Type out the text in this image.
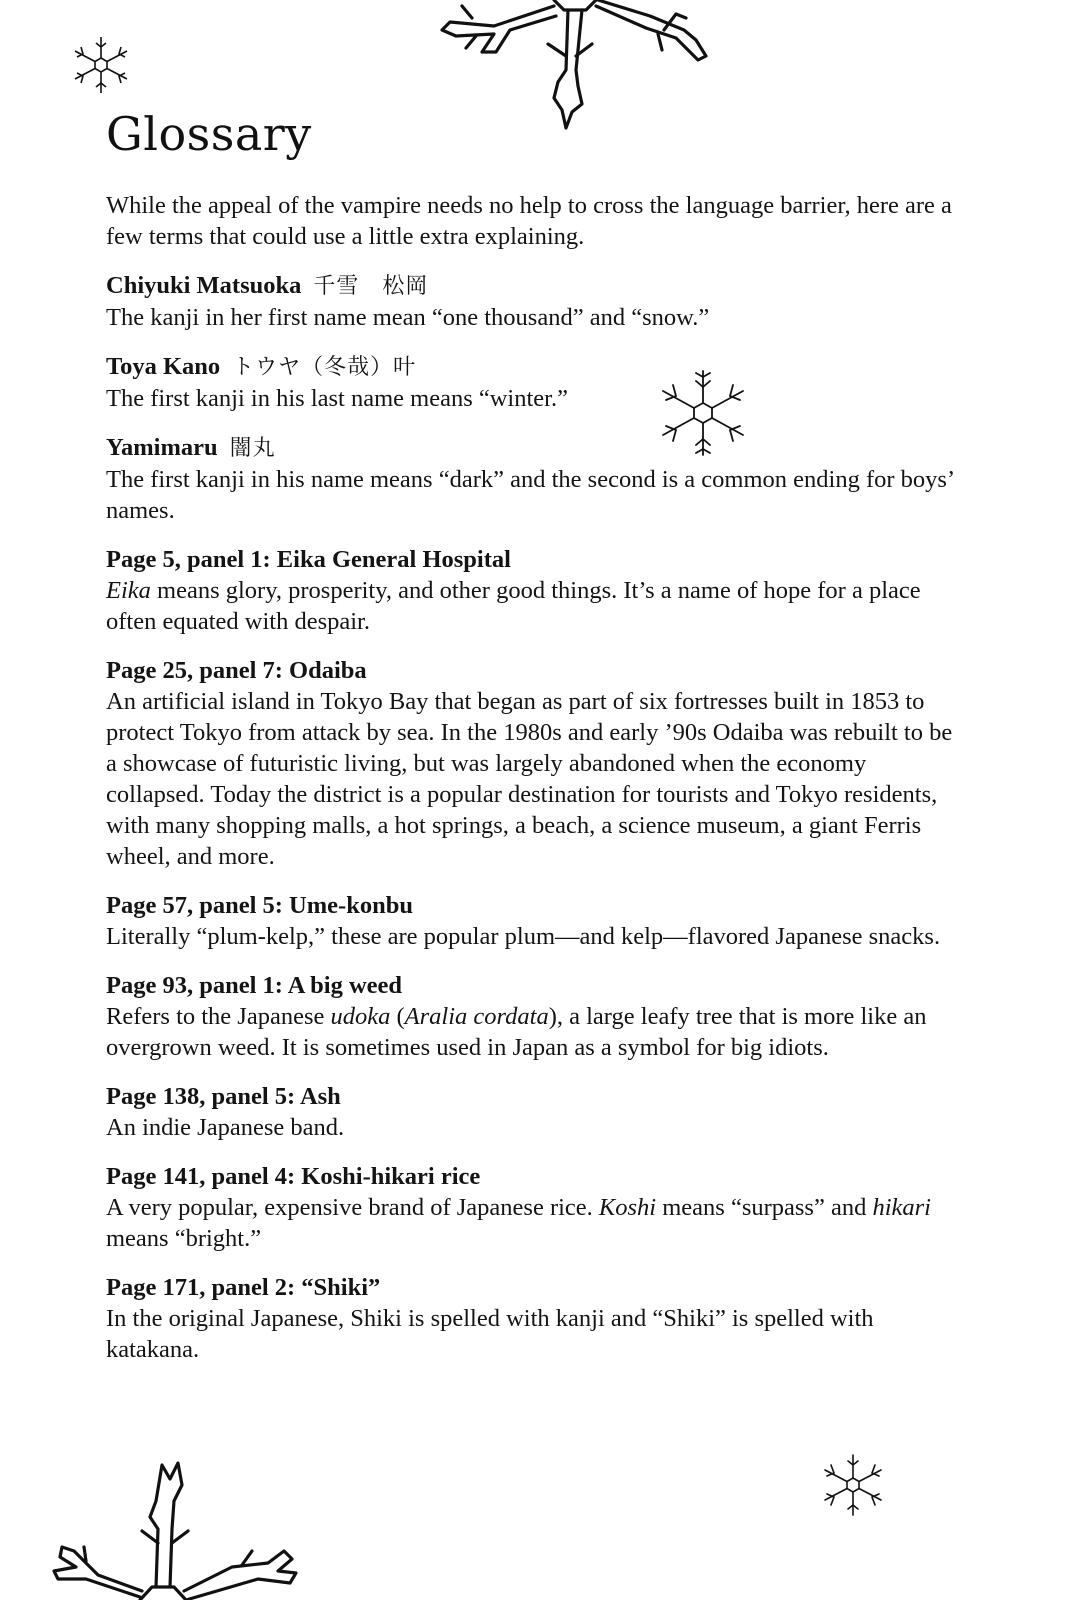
Glossary

While the appeal of the vampire needs no help to cross the language barrier, here are a few terms that could use a little extra explaining.

Chiyuki Matsuoka 千雪　松岡

The kanji in her first name mean “one thousand” and “snow.”

Toya Kano トウヤ（冬哉）叶

The first kanji in his last name means “winter.”

Yamimaru 闇丸

The first kanji in his name means “dark” and the second is a common ending for boys’ names.

Page 5, panel 1: Eika General Hospital

Eika means glory, prosperity, and other good things. It’s a name of hope for a place often equated with despair.

Page 25, panel 7: Odaiba

An artificial island in Tokyo Bay that began as part of six fortresses built in 1853 to protect Tokyo from attack by sea. In the 1980s and early ’90s Odaiba was rebuilt to be a showcase of futuristic living, but was largely abandoned when the economy collapsed. Today the district is a popular destination for tourists and Tokyo residents, with many shopping malls, a hot springs, a beach, a science museum, a giant Ferris wheel, and more.

Page 57, panel 5: Ume-konbu

Literally “plum-kelp,” these are popular plum—and kelp—flavored Japanese snacks.

Page 93, panel 1: A big weed

Refers to the Japanese udoka (Aralia cordata), a large leafy tree that is more like an overgrown weed. It is sometimes used in Japan as a symbol for big idiots.

Page 138, panel 5: Ash

An indie Japanese band.

Page 141, panel 4: Koshi-hikari rice

A very popular, expensive brand of Japanese rice. Koshi means “surpass” and hikari means “bright.”

Page 171, panel 2: “Shiki”

In the original Japanese, Shiki is spelled with kanji and “Shiki” is spelled with katakana.
